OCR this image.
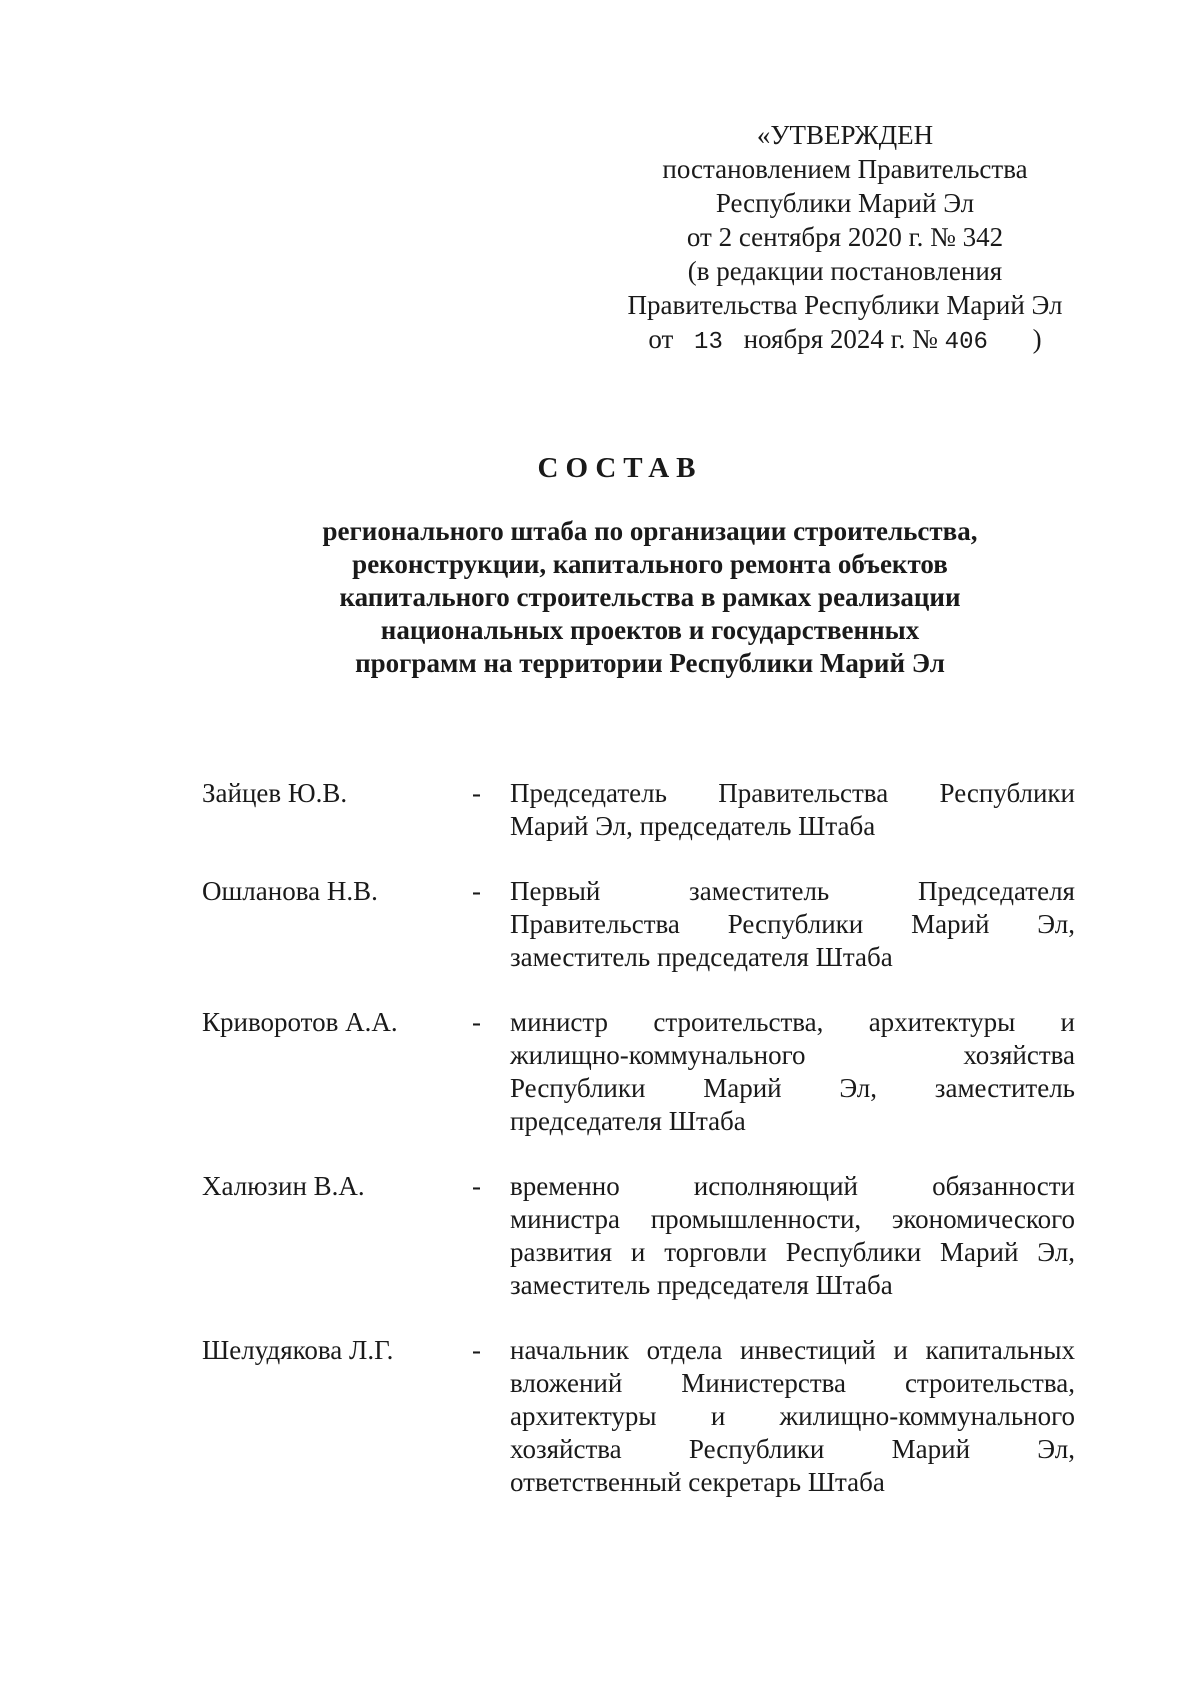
«УТВЕРЖДЕН
постановлением Правительства
Республики Марий Эл
от 2 сентября 2020 г. № 342
(в редакции постановления
Правительства Республики Марий Эл
от 13 ноября 2024 г. № 406 )
СОСТАВ
регионального штаба по организации строительства,
реконструкции, капитального ремонта объектов
капитального строительства в рамках реализации
национальных проектов и государственных
программ на территории Республики Марий Эл
Зайцев Ю.В.	- Председатель Правительства Республики
Марий Эл, председатель Штаба
Ошланова Н.В.	- Первый	заместитель	Председателя
Правительства Республики Марий Эл,
заместитель председателя Штаба
Криворотов А.А.	- министр строительства, архитектуры и
жилищно-коммунального	хозяйства
Республики Марий Эл, заместитель
председателя Штаба
Халюзин В.А.	- временно	исполняющий	обязанности
министра промышленности, экономического
развития и торговли Республики Марий Эл,
заместитель председателя Штаба
Шелудякова Л.Г.	- начальник отдела инвестиций и капитальных
вложений Министерства строительства,
архитектуры и жилищно-коммунального
хозяйства Республики Марий Эл,
ответственный секретарь Штаба
